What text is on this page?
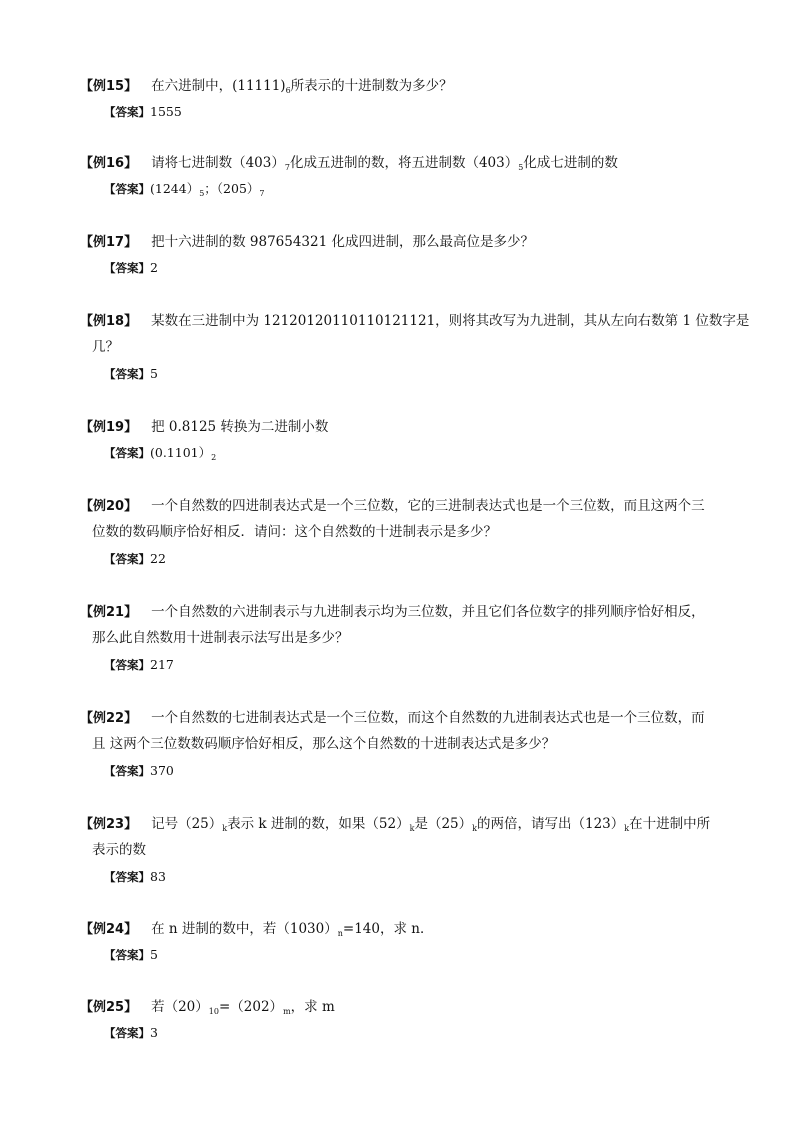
【例15】 在六进制中，$(11111)_6$所表示的十进制数为多少？
【答案】1555
【例16】 请将七进制数$(403)_7$化成五进制的数，将五进制数$(403)_5$化成七进制的数
【答案】$(1244)_5$；$(205)_7$
【例17】 把十六进制的数 987654321 化成四进制，那么最高位是多少？
【答案】2
【例18】 某数在三进制中为 12120120110110121121，则将其改写为九进制，其从左向右数第 1 位数字是
几？
【答案】5
【例19】 把 0.8125 转换为二进制小数
【答案】$(0.1101)_2$
【例20】 一个自然数的四进制表达式是一个三位数，它的三进制表达式也是一个三位数，而且这两个三
位数的数码顺序恰好相反．请问：这个自然数的十进制表示是多少？
【答案】22
【例21】 一个自然数的六进制表示与九进制表示均为三位数，并且它们各位数字的排列顺序恰好相反，
那么此自然数用十进制表示法写出是多少？
【答案】217
【例22】 一个自然数的七进制表达式是一个三位数，而这个自然数的九进制表达式也是一个三位数，而
且 这两个三位数数码顺序恰好相反，那么这个自然数的十进制表达式是多少？
【答案】370
【例23】 记号$(25)_k$表示 k 进制的数，如果$(52)_k$是$(25)_k$的两倍，请写出$(123)_k$在十进制中所
表示的数
【答案】83
【例24】 在 n 进制的数中，若$(1030)_n=140$，求 n．
【答案】5
【例25】 若$(20)_{10}=(202)_m$，求 m
【答案】3
